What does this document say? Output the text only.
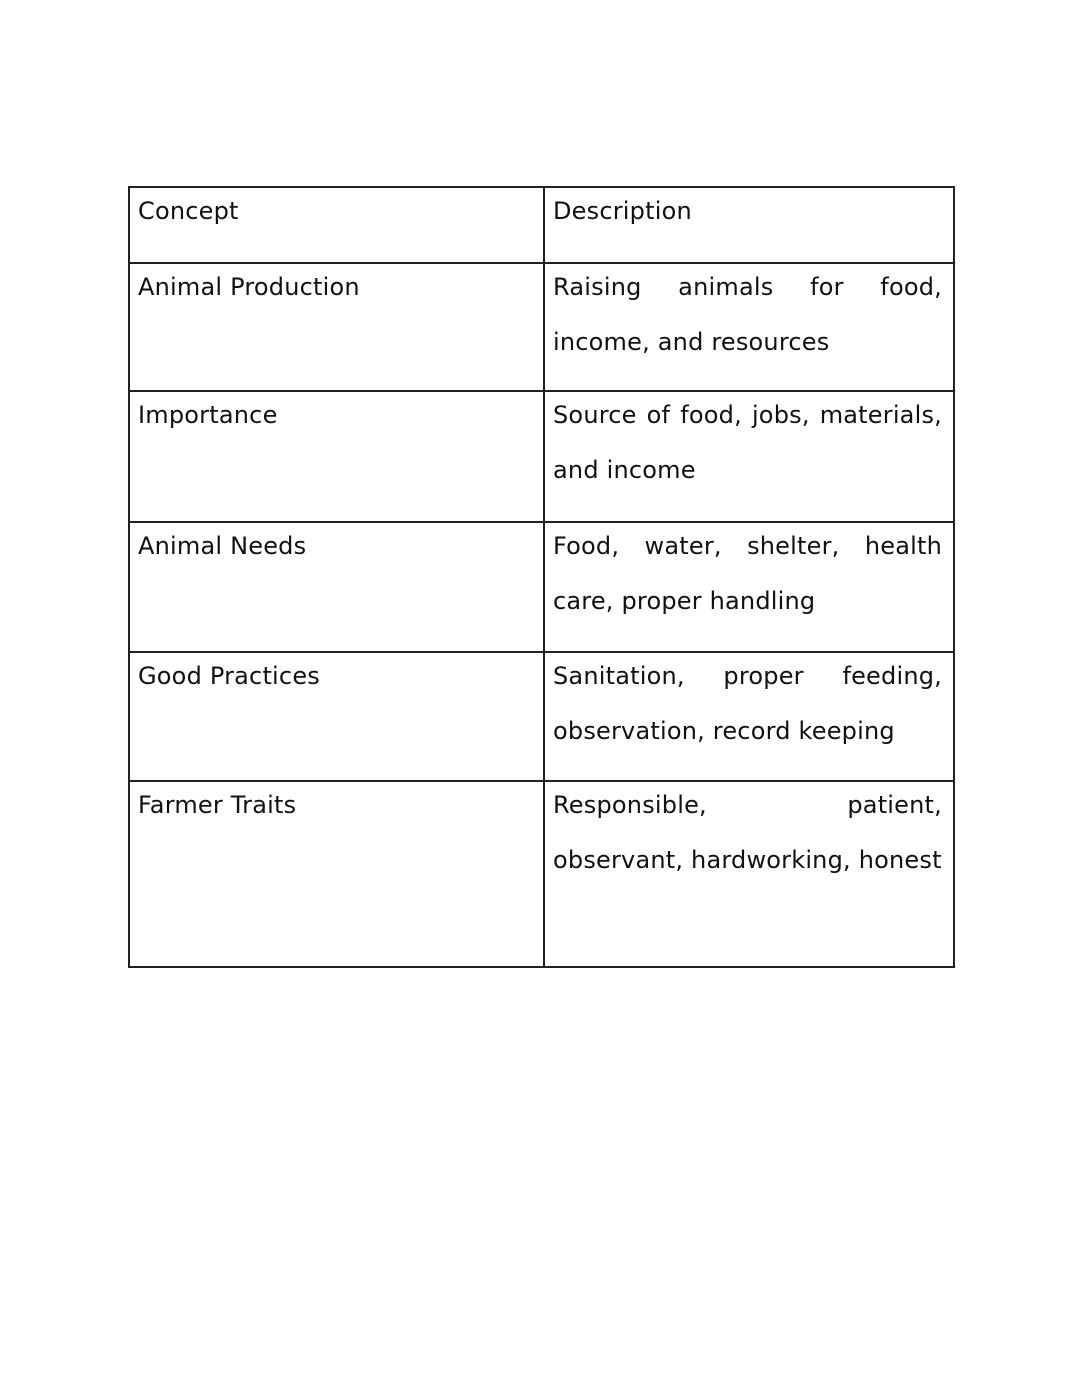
Concept	Description

Animal Production	Raising animals for food, income, and resources

Importance	Source of food, jobs, materials, and income

Animal Needs	Food, water, shelter, health care, proper handling

Good Practices	Sanitation, proper feeding, observation, record keeping

Farmer Traits	Responsible, patient, observant, hardworking, honest
